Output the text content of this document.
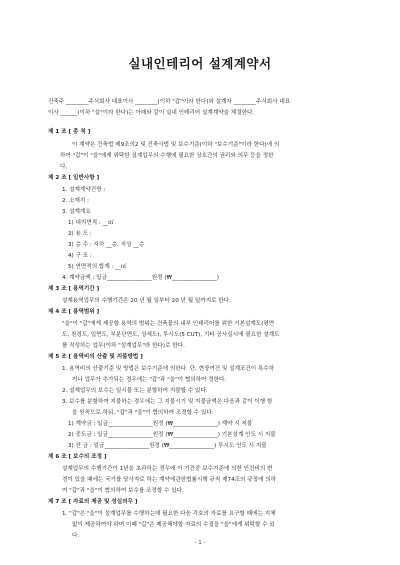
실내인테리어 설계계약서
건축주 ________주식회사 대표이사 ________(이하 "갑"이라 한다)와 설계자 ________주식회사 대표
이사 ______(이하 "을"이라 한다)는 아래와 같이 실내 인테리어 설계계약을 체결한다.
제 1 조 [ 총 칙 ]
이 계약은 건축법 제9조의2 및 건축사법 및 보수기준(이하 "보수기준"이라 한다)에 의
하여 "갑"이 "을"에게 위탁한 설계업무의 수행에 필요한 상호간의 권리와 의무 등을 정한
다.
제 2 조 [ 일반사항 ]
1. 설계계약건명 :
2. 소재지 :
3. 설계개요
1) 대지면적 : __㎡
2) 용 도 :
3) 층 수 : 지하 __층, 지상 __층
4) 구 조 :
5) 연면적의 합계 : __㎡
4. 계약금액 : 일금________________원정 (₩________________)
제 3 조 [ 용역기간 ]
설계용역업무의 수행기간은 20 년 월 일부터 20 년 월 일까지로 한다.
제 4 조 [ 용역범위 ]
"을"이 "갑"에게 제공할 용역의 범위는 건축물의 내부 인테리어를 위한 기본설계도(평면
도, 천정도, 입면도, 부분단면도, 상세도), 투시도(5 CUT), 기타 공사실시에 필요한 설계도
를 작성하는 업무(이하 "설계업무"라 한다)로 한다.
제 5 조 [ 용역비의 산출 및 지불방법 ]
1. 용역비의 산출기준 및 방법은 보수기준에 의한다. 단, 현장여건 및 설계조건이 특수하
거나 업무가 추가되는 경우에는 "갑"과 "을"이 협의하여 정한다.
2. 설계업무의 보수는 일시불 또는 분할하여 지불할 수 있다.
3. 보수를 분할하여 지불하는 경우에는 그 지불시기 및 지불금액은 다음과 같이 이행 함
을 원칙으로 하되, "갑"과 "을"이 협의하여 조정할 수 있다.
1) 계약금 : 일금________________원정 (₩________________) 계약 시 지불
2) 중도금 : 일금________________원정 (₩________________) 기본설계 인도 시 지불
3) 잔 금 : 일금________________원정 (₩________________) 투시도 인도 시 지불
제 6 조 [ 보수의 조정 ]
설계업무의 수행기간이 1년을 초과하는 경우에 이 기간중 보수기준에 의한 인건비의 변
경이 있을 때에는 국가를 당사자로 하는 계약에관한법률시행 규칙 제74조의 규정에 의하
여 "갑"과 "을"이 협의하여 보수를 조정할 수 있다.
제 7 조 [ 자료의 제공 및 성실의무 ]
1. "갑"은 "을"이 설계업무를 수행하는데 필요한 다음 각호의 자료를 요구할 때에는 지체
없이 제공하여야 하며 이때 "갑"은 제공해야할 자료의 수집을 "을"에게 위탁할 수 있
다.
- 1 -
